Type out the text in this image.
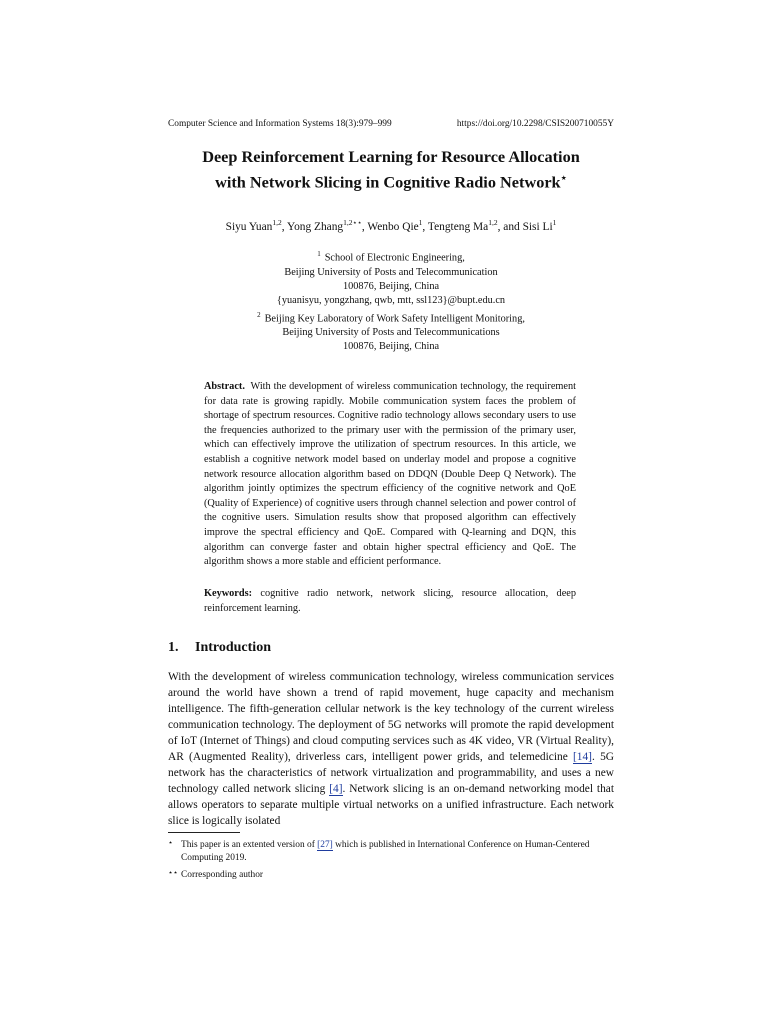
Computer Science and Information Systems 18(3):979–999	https://doi.org/10.2298/CSIS200710055Y
Deep Reinforcement Learning for Resource Allocation
with Network Slicing in Cognitive Radio Network⋆
Siyu Yuan$^{1,2}$, Yong Zhang$^{1,2⋆⋆}$, Wenbo Qie$^1$, Tengteng Ma$^{1,2}$, and Sisi Li$^1$
$^1$ School of Electronic Engineering,
Beijing University of Posts and Telecommunication
100876, Beijing, China
{yuanisyu, yongzhang, qwb, mtt, ssl123}@bupt.edu.cn
$^2$ Beijing Key Laboratory of Work Safety Intelligent Monitoring,
Beijing University of Posts and Telecommunications
100876, Beijing, China
Abstract. With the development of wireless communication technology, the requirement for data rate is growing rapidly. Mobile communication system faces the problem of shortage of spectrum resources. Cognitive radio technology allows secondary users to use the frequencies authorized to the primary user with the permission of the primary user, which can effectively improve the utilization of spectrum resources. In this article, we establish a cognitive network model based on underlay model and propose a cognitive network resource allocation algorithm based on DDQN (Double Deep Q Network). The algorithm jointly optimizes the spectrum efficiency of the cognitive network and QoE (Quality of Experience) of cognitive users through channel selection and power control of the cognitive users. Simulation results show that proposed algorithm can effectively improve the spectral efficiency and QoE. Compared with Q-learning and DQN, this algorithm can converge faster and obtain higher spectral efficiency and QoE. The algorithm shows a more stable and efficient performance.
Keywords: cognitive radio network, network slicing, resource allocation, deep reinforcement learning.
1. Introduction
With the development of wireless communication technology, wireless communication services around the world have shown a trend of rapid movement, huge capacity and mechanism intelligence. The fifth-generation cellular network is the key technology of the current wireless communication technology. The deployment of 5G networks will promote the rapid development of IoT (Internet of Things) and cloud computing services such as 4K video, VR (Virtual Reality), AR (Augmented Reality), driverless cars, intelligent power grids, and telemedicine [14]. 5G network has the characteristics of network virtualization and programmability, and uses a new technology called network slicing [4]. Network slicing is an on-demand networking model that allows operators to separate multiple virtual networks on a unified infrastructure. Each network slice is logically isolated
⋆ This paper is an extented version of [27] which is published in International Conference on Human-Centered Computing 2019.
⋆⋆ Corresponding author
